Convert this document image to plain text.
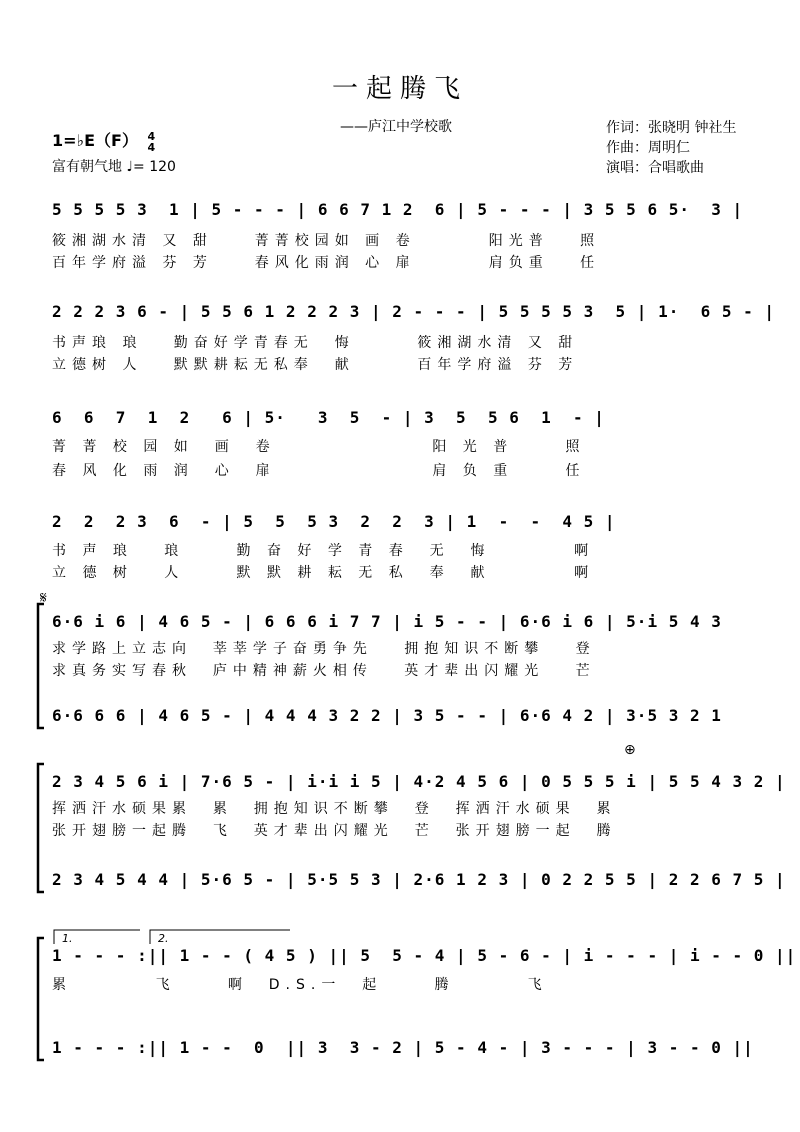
一起腾飞
——庐江中学校歌	作词：张晓明 钟社生
作曲：周明仁
演唱：合唱歌曲
1=♭E（F） 4
4
富有朝气地 ♩= 120
5 5 5 5 3  1 | 5 - - - | 6 6 7 1 2  6 | 5 - - - | 3 5 5 6 5·  3 |
筱湘湖水清 又 甜    菁菁校园如 画 卷       阳光普   照
百年学府溢 芬 芳    春风化雨润 心 扉       肩负重   任
2 2 2 3 6 - | 5 5 6 1 2 2 2 3 | 2 - - - | 5 5 5 5 3  5 | 1·  6 5 - |
书声琅 琅   勤奋好学青春无  悔      筱湘湖水清 又 甜
立德树 人   默默耕耘无私奉  献      百年学府溢 芬 芳
6  6  7  1  2   6 | 5·   3  5  - | 3  5  5 6  1  - |
菁 菁 校 园 如  画  卷               阳 光 普     照
春 风 化 雨 润  心  扉               肩 负 重     任
2  2  2 3  6  - | 5  5  5 3  2  2  3 | 1  -  -  4 5 |
书 声 琅   琅     勤 奋 好 学 青 春  无  悔        啊
立 德 树   人     默 默 耕 耘 无 私  奉  献        啊
𝄋
6·6 i 6 | 4 6 5 - | 6 6 6 i 7 7 | i 5 - - | 6·6 i 6 | 5·i 5 4 3
求学路上立志向  莘莘学子奋勇争先   拥抱知识不断攀   登
求真务实写春秋  庐中精神薪火相传   英才辈出闪耀光   芒
6·6 6 6 | 4 6 5 - | 4 4 4 3 2 2 | 3 5 - - | 6·6 4 2 | 3·5 3 2 1
⊕
2 3 4 5 6 i | 7·6 5 - | i·i i 5 | 4·2 4 5 6 | 0 5 5 5 i | 5 5 4 3 2 |
挥洒汗水硕果累  累  拥抱知识不断攀  登  挥洒汗水硕果  累
张开翅膀一起腾  飞  英才辈出闪耀光  芒  张开翅膀一起  腾
2 3 4 5 4 4 | 5·6 5 - | 5·5 5 3 | 2·6 1 2 3 | 0 2 2 5 5 | 2 2 6 7 5 |
1.	2.
1 - - - :|| 1 - - ( 4 5 ) || 5  5 - 4 | 5 - 6 - | i - - - | i - - 0 ||
累        飞     啊  D.S.一  起     腾       飞
1 - - - :|| 1 - -  0  || 3  3 - 2 | 5 - 4 - | 3 - - - | 3 - - 0 ||
